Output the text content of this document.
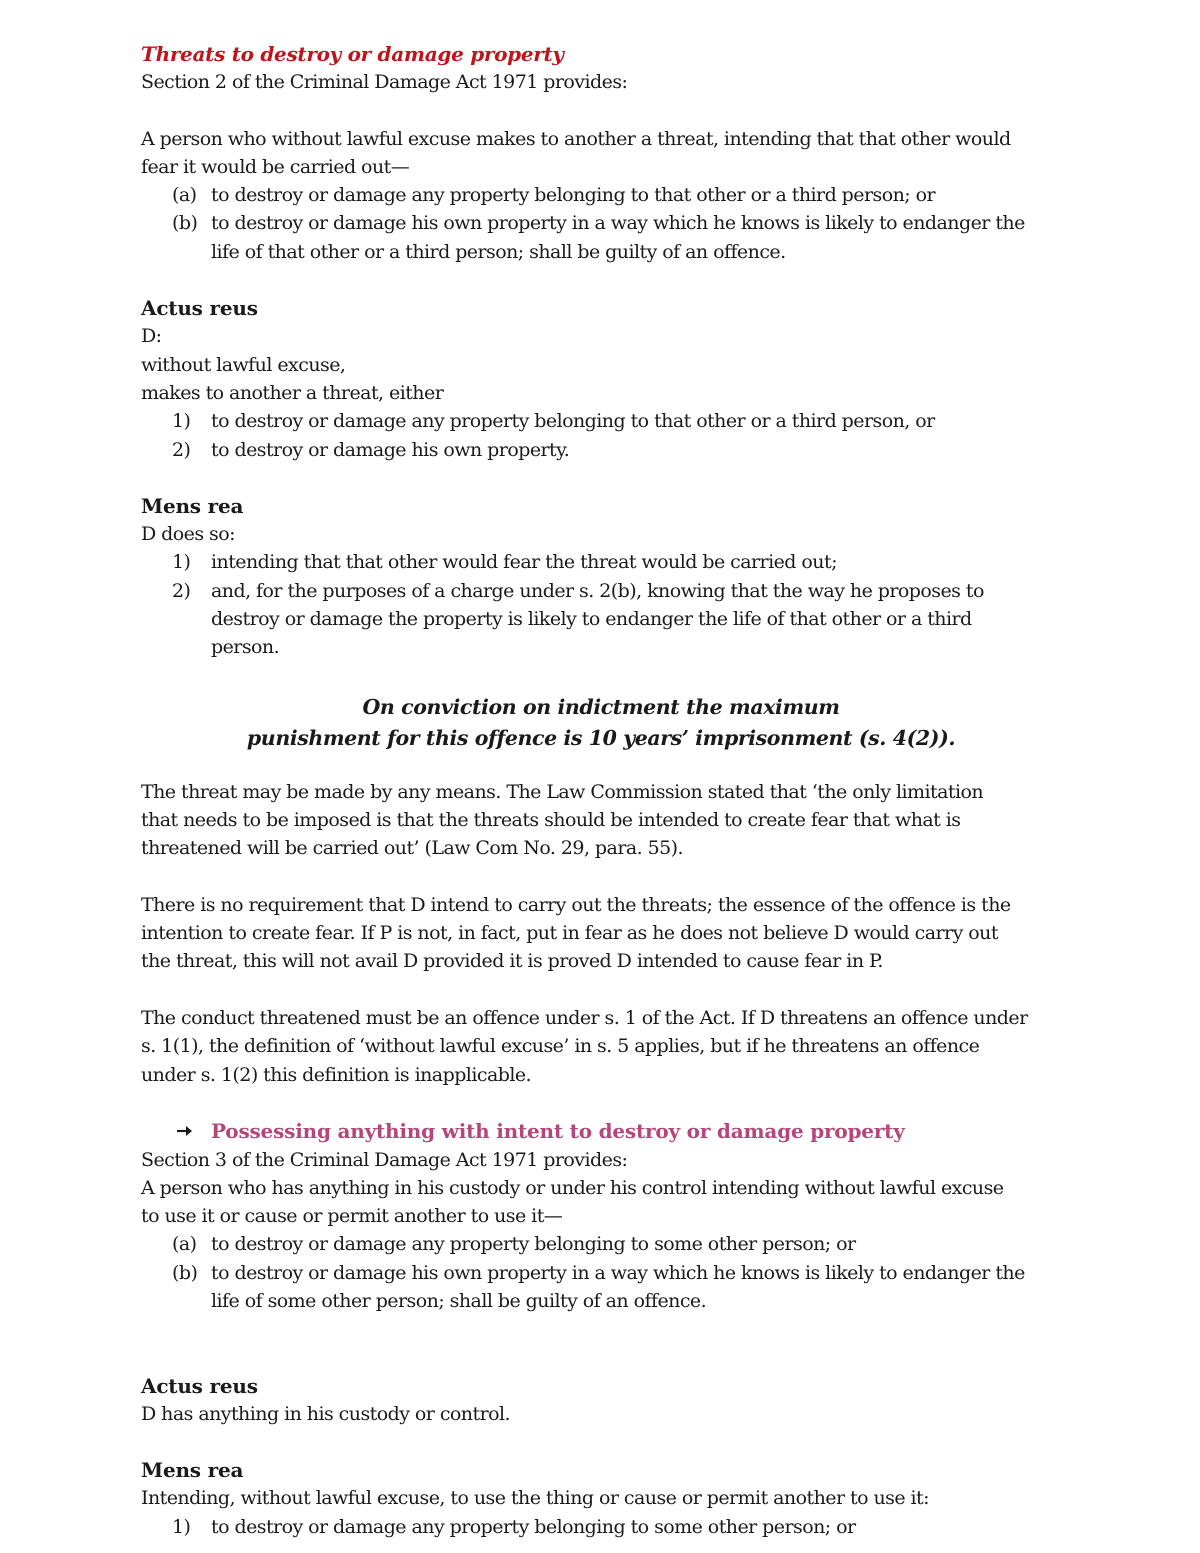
Threats to destroy or damage property
Section 2 of the Criminal Damage Act 1971 provides:
A person who without lawful excuse makes to another a threat, intending that that other would
fear it would be carried out—
(a) to destroy or damage any property belonging to that other or a third person; or
(b) to destroy or damage his own property in a way which he knows is likely to endanger the
life of that other or a third person; shall be guilty of an offence.
Actus reus
D:
without lawful excuse,
makes to another a threat, either
1)	to destroy or damage any property belonging to that other or a third person, or
2)	to destroy or damage his own property.
Mens rea
D does so:
1)	intending that that other would fear the threat would be carried out;
2)	and, for the purposes of a charge under s. 2(b), knowing that the way he proposes to
destroy or damage the property is likely to endanger the life of that other or a third
person.
On conviction on indictment the maximum
punishment for this offence is 10 years’ imprisonment (s. 4(2)).
The threat may be made by any means. The Law Commission stated that ‘the only limitation
that needs to be imposed is that the threats should be intended to create fear that what is
threatened will be carried out’ (Law Com No. 29, para. 55).
There is no requirement that D intend to carry out the threats; the essence of the offence is the
intention to create fear. If P is not, in fact, put in fear as he does not believe D would carry out
the threat, this will not avail D provided it is proved D intended to cause fear in P.
The conduct threatened must be an offence under s. 1 of the Act. If D threatens an offence under
s. 1(1), the definition of ‘without lawful excuse’ in s. 5 applies, but if he threatens an offence
under s. 1(2) this definition is inapplicable.
Possessing anything with intent to destroy or damage property
Section 3 of the Criminal Damage Act 1971 provides:
A person who has anything in his custody or under his control intending without lawful excuse
to use it or cause or permit another to use it—
(a) to destroy or damage any property belonging to some other person; or
(b) to destroy or damage his own property in a way which he knows is likely to endanger the
life of some other person; shall be guilty of an offence.
Actus reus
D has anything in his custody or control.
Mens rea
Intending, without lawful excuse, to use the thing or cause or permit another to use it:
1)	to destroy or damage any property belonging to some other person; or
